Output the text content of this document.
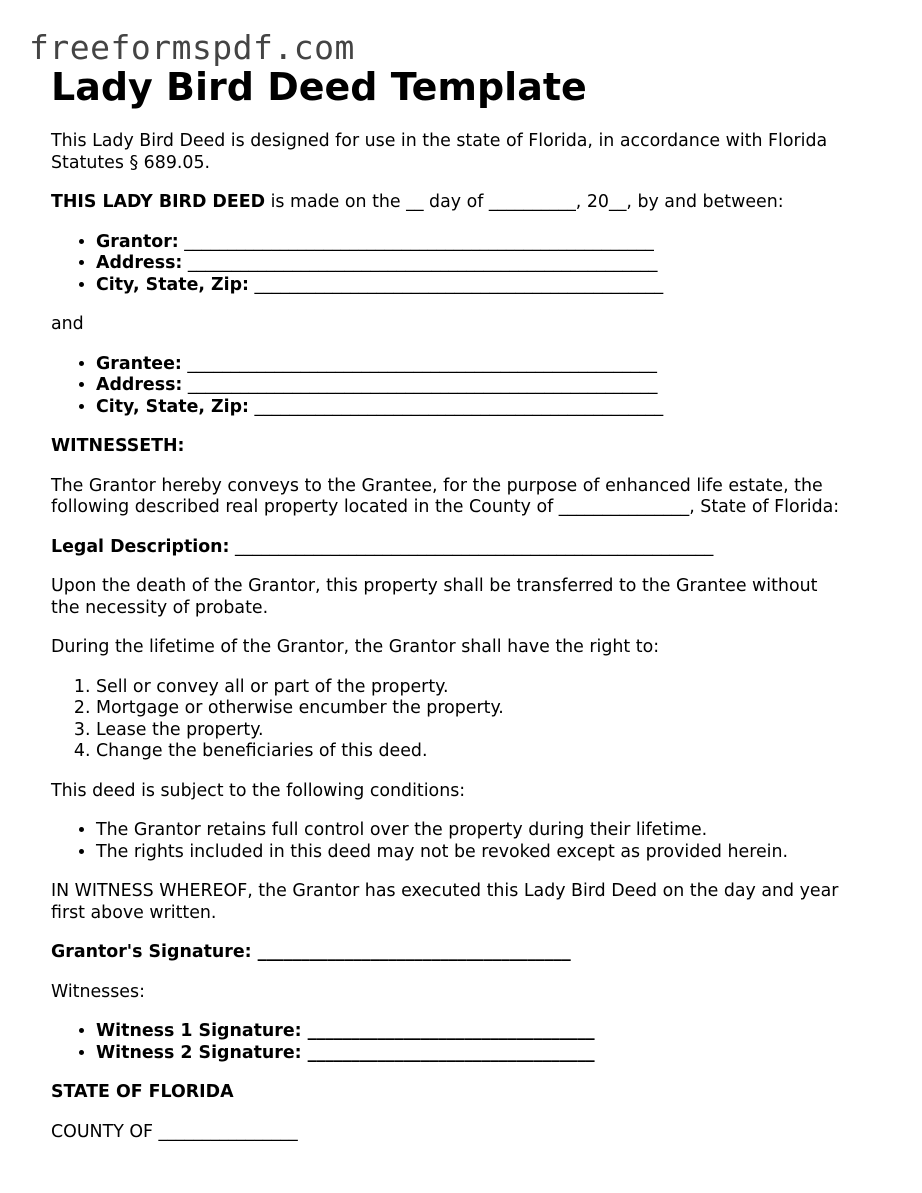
freeformspdf.com
Lady Bird Deed Template

This Lady Bird Deed is designed for use in the state of Florida, in accordance with Florida
Statutes § 689.05.

THIS LADY BIRD DEED is made on the __ day of __________, 20__, by and between:

• Grantor: ______________________________________________________
• Address: ______________________________________________________
• City, State, Zip: _______________________________________________

and

• Grantee: ______________________________________________________
• Address: ______________________________________________________
• City, State, Zip: _______________________________________________

WITNESSETH:

The Grantor hereby conveys to the Grantee, for the purpose of enhanced life estate, the
following described real property located in the County of _______________, State of Florida:

Legal Description: _______________________________________________________

Upon the death of the Grantor, this property shall be transferred to the Grantee without
the necessity of probate.

During the lifetime of the Grantor, the Grantor shall have the right to:

1. Sell or convey all or part of the property.
2. Mortgage or otherwise encumber the property.
3. Lease the property.
4. Change the beneficiaries of this deed.

This deed is subject to the following conditions:

• The Grantor retains full control over the property during their lifetime.
• The rights included in this deed may not be revoked except as provided herein.

IN WITNESS WHEREOF, the Grantor has executed this Lady Bird Deed on the day and year
first above written.

Grantor's Signature: ____________________________________

Witnesses:

• Witness 1 Signature: _________________________________
• Witness 2 Signature: _________________________________

STATE OF FLORIDA

COUNTY OF ________________
